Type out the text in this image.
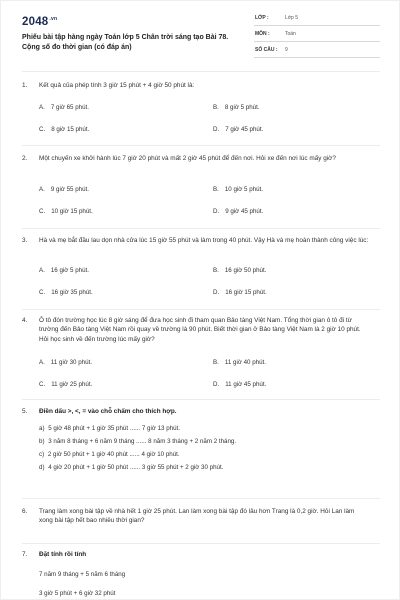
$2048^{.vn}$
Phiếu bài tập hàng ngày Toán lớp 5 Chân trời sáng tạo Bài 78. Cộng số đo thời gian (có đáp án)
LỚP :	Lớp 5
MÔN :	Toán
SỐ CÂU : 9
1.	Kết quả của phép tính 3 giờ 15 phút + 4 giờ 50 phút là:
A. 7 giờ 65 phút.	B. 8 giờ 5 phút.
C. 8 giờ 15 phút.	D. 7 giờ 45 phút.
2.	Một chuyến xe khởi hành lúc 7 giờ 20 phút và mất 2 giờ 45 phút để đến nơi. Hỏi xe đến nơi lúc mấy giờ?
A. 9 giờ 55 phút.	B. 10 giờ 5 phút.
C. 10 giờ 15 phút.	D. 9 giờ 45 phút.
3.	Hà và mẹ bắt đầu lau dọn nhà cửa lúc 15 giờ 55 phút và làm trong 40 phút. Vậy Hà và mẹ hoàn thành công việc lúc:
A. 16 giờ 5 phút.	B. 16 giờ 50 phút.
C. 16 giờ 35 phút.	D. 16 giờ 15 phút.
4.	Ô tô đón trường học lúc 8 giờ sáng để đưa học sinh đi tham quan Bảo tàng Việt Nam. Tổng thời gian ô tô đi từ trường đến Bảo tàng Việt Nam rồi quay về trường là 90 phút. Biết thời gian ở Bảo tàng Việt Nam là 2 giờ 10 phút. Hỏi học sinh về đến trường lúc mấy giờ?
A. 11 giờ 30 phút.	B. 11 giờ 40 phút.
C. 11 giờ 25 phút.	D. 11 giờ 45 phút.
5.	Điền dấu >, <, = vào chỗ chấm cho thích hợp.
a) 5 giờ 48 phút + 1 giờ 35 phút ...... 7 giờ 13 phút.
b) 3 năm 8 tháng + 6 năm 9 tháng ...... 8 năm 3 tháng + 2 năm 2 tháng.
c) 2 giờ 50 phút + 1 giờ 40 phút ...... 4 giờ 10 phút.
d) 4 giờ 20 phút + 1 giờ 50 phút ...... 3 giờ 55 phút + 2 giờ 30 phút.
6.	Trang làm xong bài tập về nhà hết 1 giờ 25 phút. Lan làm xong bài tập đó lâu hơn Trang là 0,2 giờ. Hỏi Lan làm xong bài tập hết bao nhiêu thời gian?
7.	Đặt tính rồi tính
7 năm 9 tháng + 5 năm 6 tháng
3 giờ 5 phút + 6 giờ 32 phút
